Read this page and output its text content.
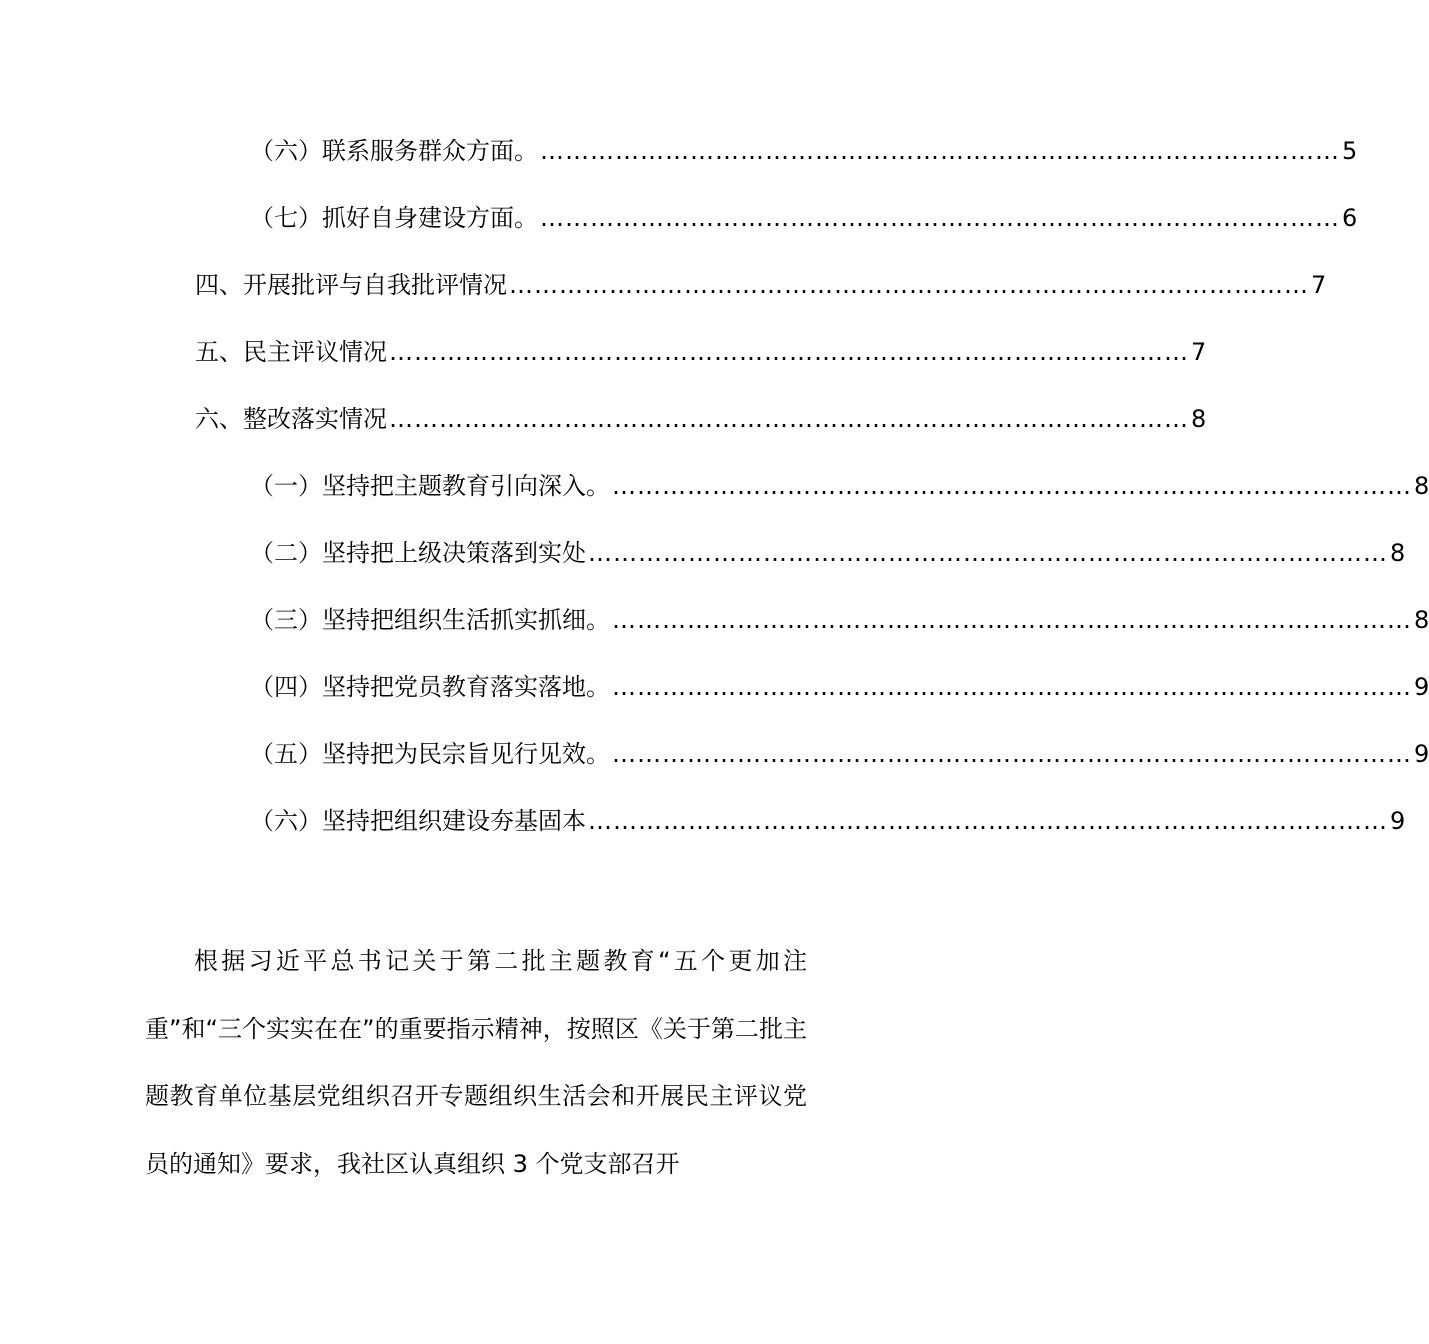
（六）联系服务群众方面。 …………………………………………………………………………………… 5
（七）抓好自身建设方面。 …………………………………………………………………………………… 6
四、开展批评与自我批评情况 …………………………………………………………………………………… 7
五、民主评议情况 …………………………………………………………………………………… 7
六、整改落实情况 …………………………………………………………………………………… 8
（一）坚持把主题教育引向深入。 …………………………………………………………………………………… 8
（二）坚持把上级决策落到实处 …………………………………………………………………………………… 8
（三）坚持把组织生活抓实抓细。 …………………………………………………………………………………… 8
（四）坚持把党员教育落实落地。 …………………………………………………………………………………… 9
（五）坚持把为民宗旨见行见效。 …………………………………………………………………………………… 9
（六）坚持把组织建设夯基固本 …………………………………………………………………………………… 9

根据习近平总书记关于第二批主题教育“五个更加注重”和“三个实实在在”的重要指示精神，按照区《关于第二批主题教育单位基层党组织召开专题组织生活会和开展民主评议党员的通知》要求，我社区认真组织 3 个党支部召开
